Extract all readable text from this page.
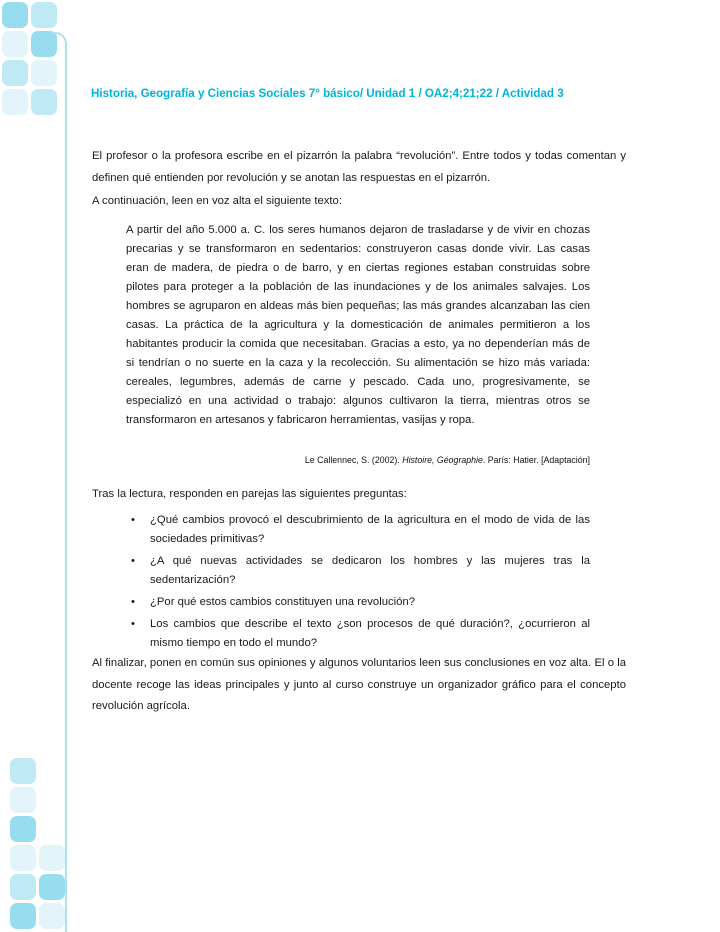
Historia, Geografía y Ciencias Sociales 7° básico/ Unidad 1 / OA2;4;21;22 / Actividad 3

El profesor o la profesora escribe en el pizarrón la palabra “revolución”. Entre todos y todas comentan y definen qué entienden por revolución y se anotan las respuestas en el pizarrón.

A continuación, leen en voz alta el siguiente texto:

A partir del año 5.000 a. C. los seres humanos dejaron de trasladarse y de vivir en chozas precarias y se transformaron en sedentarios: construyeron casas donde vivir. Las casas eran de madera, de piedra o de barro, y en ciertas regiones estaban construidas sobre pilotes para proteger a la población de las inundaciones y de los animales salvajes. Los hombres se agruparon en aldeas más bien pequeñas; las más grandes alcanzaban las cien casas. La práctica de la agricultura y la domesticación de animales permitieron a los habitantes producir la comida que necesitaban. Gracias a esto, ya no dependerían más de si tendrían o no suerte en la caza y la recolección. Su alimentación se hizo más variada: cereales, legumbres, además de carne y pescado. Cada uno, progresivamente, se especializó en una actividad o trabajo: algunos cultivaron la tierra, mientras otros se transformaron en artesanos y fabricaron herramientas, vasijas y ropa.
Le Callennec, S. (2002). Histoire, Géographie. París: Hatier. [Adaptación]

Tras la lectura, responden en parejas las siguientes preguntas:

• ¿Qué cambios provocó el descubrimiento de la agricultura en el modo de vida de las sociedades primitivas?
• ¿A qué nuevas actividades se dedicaron los hombres y las mujeres tras la sedentarización?
• ¿Por qué estos cambios constituyen una revolución?
• Los cambios que describe el texto ¿son procesos de qué duración?, ¿ocurrieron al mismo tiempo en todo el mundo?

Al finalizar, ponen en común sus opiniones y algunos voluntarios leen sus conclusiones en voz alta. El o la docente recoge las ideas principales y junto al curso construye un organizador gráfico para el concepto revolución agrícola.
